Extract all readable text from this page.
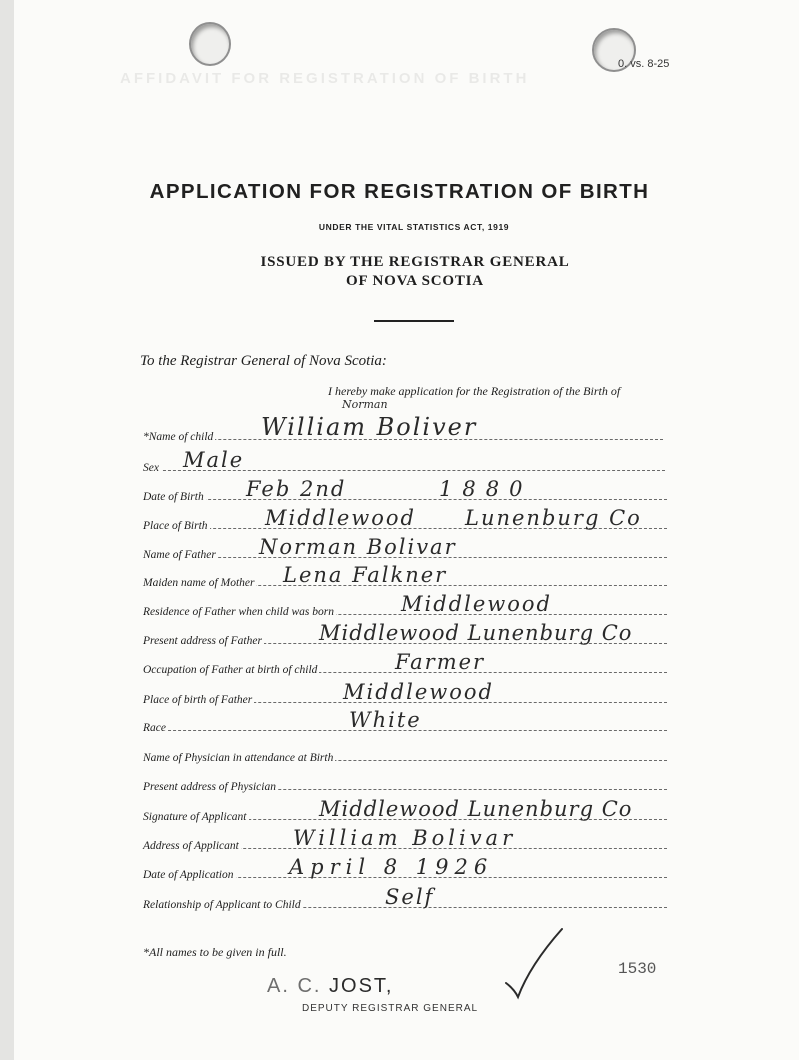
AFFIDAVIT FOR REGISTRATION OF BIRTH
0. vs. 8-25
APPLICATION FOR REGISTRATION OF BIRTH
UNDER THE VITAL STATISTICS ACT, 1919
ISSUED BY THE REGISTRAR GENERAL
OF NOVA SCOTIA
To the Registrar General of Nova Scotia:
I hereby make application for the Registration of the Birth of
Norman
*Name of child William Boliver
Sex Male
Date of Birth Feb 2nd	1880
Place of Birth	Middlewood Lunenburg Co
Name of Father Norman Bolivar
Maiden name of Mother Lena Falkner
Residence of Father when child was born	Middlewood
Present address of Father	Middlewood Lunenburg Co
Occupation of Father at birth of child	Farmer
Place of birth of Father	Middlewood
Race	White
Name of Physician in attendance at Birth
Present address of Physician
Signature of Applicant	Middlewood Lunenburg Co
Address of Applicant	William Bolivar
Date of Application	April 8 1926
Relationship of Applicant to Child	Self
*All names to be given in full.
A. C. JOST,
DEPUTY REGISTRAR GENERAL
1530
